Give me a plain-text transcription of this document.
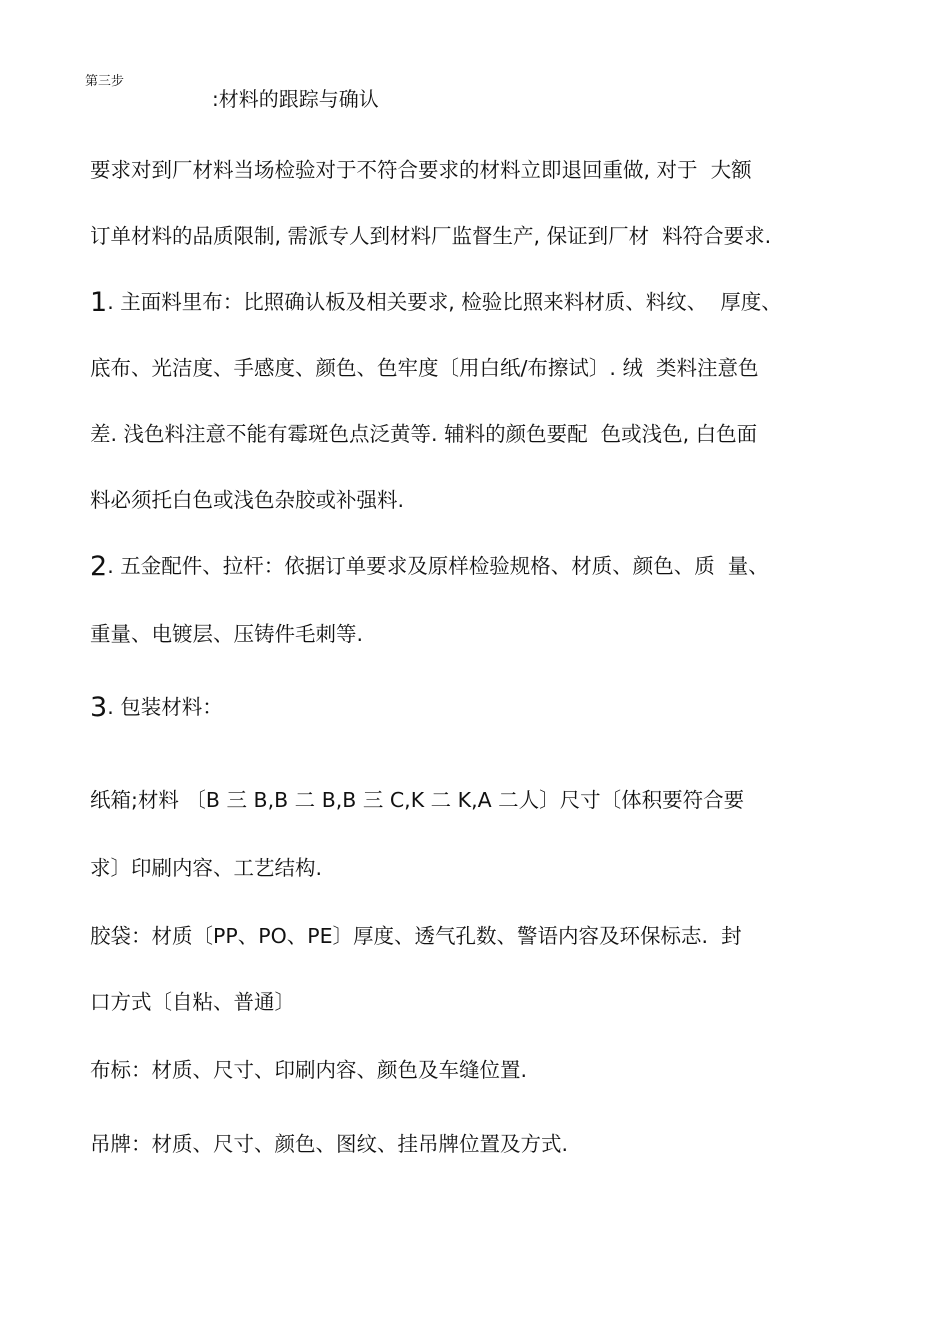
第三步
:材料的跟踪与确认
要求对到厂材料当场检验对于不符合要求的材料立即退回重做, 对于  大额
订单材料的品质限制, 需派专人到材料厂监督生产, 保证到厂材  料符合要求.
1. 主面料里布：比照确认板及相关要求, 检验比照来料材质、料纹、  厚度、
底布、光洁度、手感度、颜色、色牢度〔用白纸/布擦试〕. 绒  类料注意色
差. 浅色料注意不能有霉斑色点泛黄等. 辅料的颜色要配  色或浅色, 白色面
料必须托白色或浅色杂胶或补强料.
2. 五金配件、拉杆：依据订单要求及原样检验规格、材质、颜色、质  量、
重量、电镀层、压铸件毛刺等.
3. 包装材料：
纸箱;材料 〔B 三 B,B 二 B,B 三 C,K 二 K,A 二人〕尺寸〔体积要符合要
求〕印刷内容、工艺结构.
胶袋：材质〔PP、PO、PE〕厚度、透气孔数、警语内容及环保标志.  封
口方式〔自粘、普通〕
布标：材质、尺寸、印刷内容、颜色及车缝位置.
吊牌：材质、尺寸、颜色、图纹、挂吊牌位置及方式.
